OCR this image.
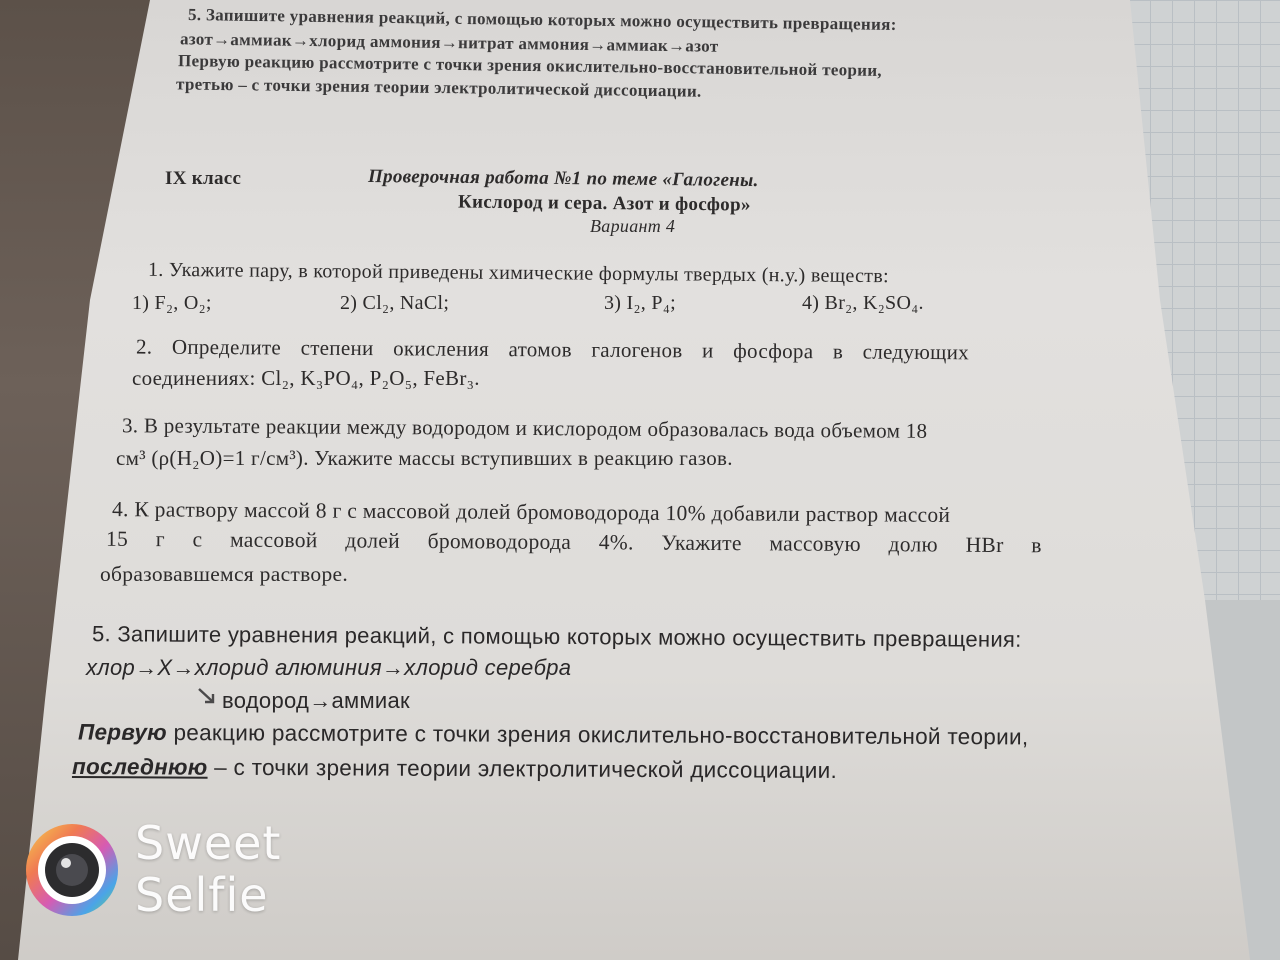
5. Запишите уравнения реакций, с помощью которых можно осуществить превращения:
азот→аммиак→хлорид аммония→нитрат аммония→аммиак→азот
Первую реакцию рассмотрите с точки зрения окислительно-восстановительной теории,
третью – с точки зрения теории электролитической диссоциации.
IX класс	Проверочная работа №1 по теме «Галогены.
Кислород и сера. Азот и фосфор»
Вариант 4
1. Укажите пару, в которой приведены химические формулы твердых (н.у.) веществ:
1) F₂, O₂;	2) Cl₂, NaCl;	3) I₂, P₄;	4) Br₂, K₂SO₄.
2. Определите степени окисления атомов галогенов и фосфора в следующих
соединениях: Cl₂, K₃PO₄, P₂O₅, FeBr₃.
3. В результате реакции между водородом и кислородом образовалась вода объемом 18
см³ (ρ(H₂O)=1 г/см³). Укажите массы вступивших в реакцию газов.
4. К раствору массой 8 г с массовой долей бромоводорода 10% добавили раствор массой
15 г с массовой долей бромоводорода 4%. Укажите массовую долю HBr в
образовавшемся растворе.
5. Запишите уравнения реакций, с помощью которых можно осуществить превращения:
хлор→X→хлорид алюминия→хлорид серебра
водород→аммиак
Первую реакцию рассмотрите с точки зрения окислительно-восстановительной теории,
последнюю – с точки зрения теории электролитической диссоциации.
Sweet
Selfie
